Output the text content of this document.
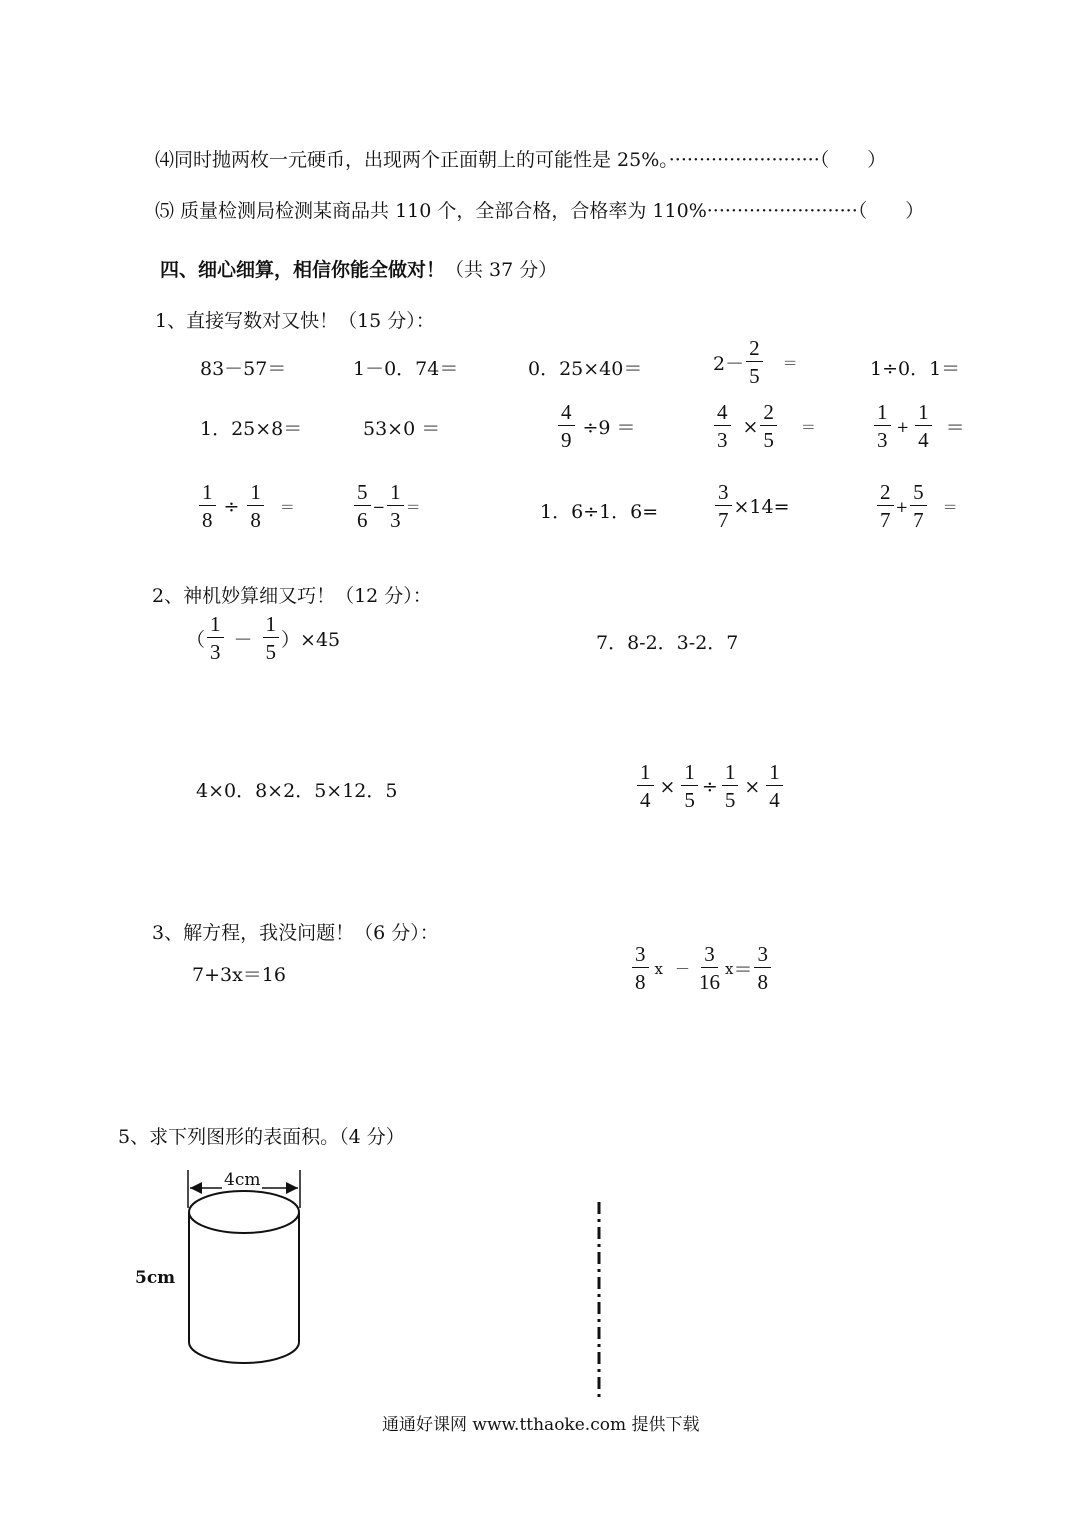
⑷同时抛两枚一元硬币，出现两个正面朝上的可能性是 25%。·························（　　）
⑸ 质量检测局检测某商品共 110 个，全部合格，合格率为 110%·························（　　）
四、细心细算，相信你能全做对！（共 37 分）
1、直接写数对又快！（15 分）：
83－57＝	1－0．74＝	0．25×40＝	$2- \frac{2}{5}$ ＝	1÷0．1＝
1．25×8＝	53×0 ＝	$\frac{4}{9} \div 9$ ＝	$\frac{4}{3} \times \frac{2}{5}$ ＝	$\frac{1}{3} + \frac{1}{4}$ ＝
$\frac{1}{8} \div \frac{1}{8}$ ＝	$\frac{5}{6} - \frac{1}{3}$ ＝	1．6÷1．6=	$\frac{3}{7} \times 14=$	$\frac{2}{7} + \frac{5}{7}$ ＝
2、神机妙算细又巧！（12 分）：
（ $\frac{1}{3} - \frac{1}{5} )\times 45$	7．8-2．3-2．7
4×0．8×2．5×12．5	$\frac{1}{4} \times \frac{1}{5} \div \frac{1}{5} \times \frac{1}{4}$
3、解方程，我没问题！（6 分）：
7+3x＝16	$\frac{3}{8}$ $x - \frac{3}{16}$ $x = \frac{3}{8}$
5、求下列图形的表面积。（4 分）
4cm
5cm
通通好课网 www.tthaoke.com 提供下载
